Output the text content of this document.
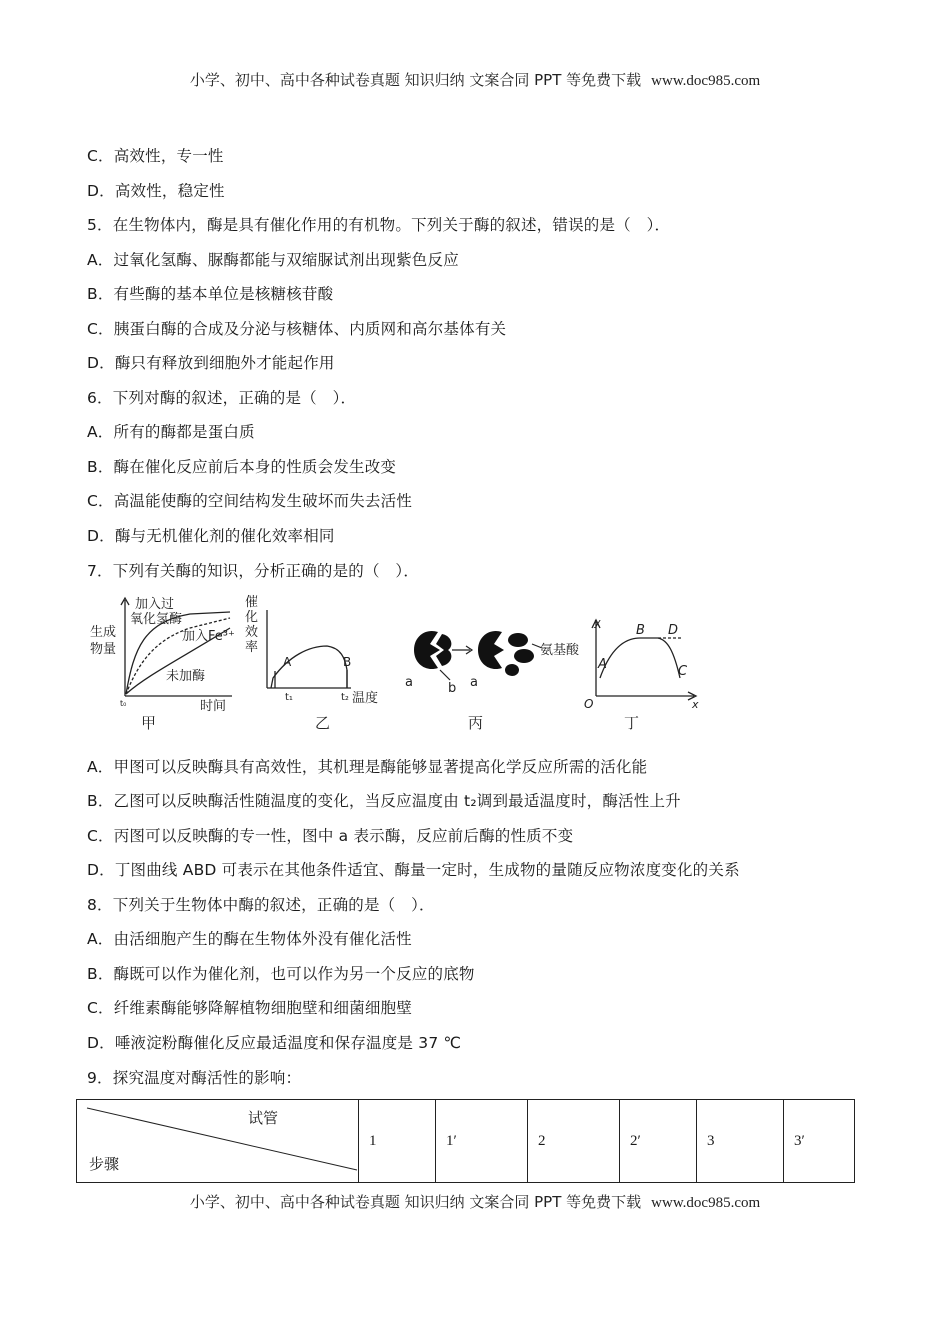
小学、初中、高中各种试卷真题 知识归纳 文案合同 PPT 等免费下载 www.doc985.com
C．高效性，专一性
D．高效性，稳定性
5．在生物体内，酶是具有催化作用的有机物。下列关于酶的叙述，错误的是（　）．
A．过氧化氢酶、脲酶都能与双缩脲试剂出现紫色反应
B．有些酶的基本单位是核糖核苷酸
C．胰蛋白酶的合成及分泌与核糖体、内质网和高尔基体有关
D．酶只有释放到细胞外才能起作用
6．下列对酶的叙述，正确的是（　）．
A．所有的酶都是蛋白质
B．酶在催化反应前后本身的性质会发生改变
C．高温能使酶的空间结构发生破坏而失去活性
D．酶与无机催化剂的催化效率相同
7．下列有关酶的知识，分析正确的是的（　）．
A．甲图可以反映酶具有高效性，其机理是酶能够显著提高化学反应所需的活化能
B．乙图可以反映酶活性随温度的变化，当反应温度由 t₂调到最适温度时，酶活性上升
C．丙图可以反映酶的专一性，图中 a 表示酶，反应前后酶的性质不变
D．丁图曲线 ABD 可表示在其他条件适宜、酶量一定时，生成物的量随反应物浓度变化的关系
8．下列关于生物体中酶的叙述，正确的是（　）．
A．由活细胞产生的酶在生物体外没有催化活性
B．酶既可以作为催化剂，也可以作为另一个反应的底物
C．纤维素酶能够降解植物细胞壁和细菌细胞壁
D．唾液淀粉酶催化反应最适温度和保存温度是 37 ℃
9．探究温度对酶活性的影响：
生成
物量
加入过
氧化氢酶
加入Fe³⁺
未加酶
t₀	时间
甲
催
化
效
率
A	B
t₁	t₂ 温度
乙
氨基酸
a	b a
丙
y
x
O
A
B
C
D
丁
试管
步骤
	1	1′	2	2′	3	3′
小学、初中、高中各种试卷真题 知识归纳 文案合同 PPT 等免费下载 www.doc985.com
